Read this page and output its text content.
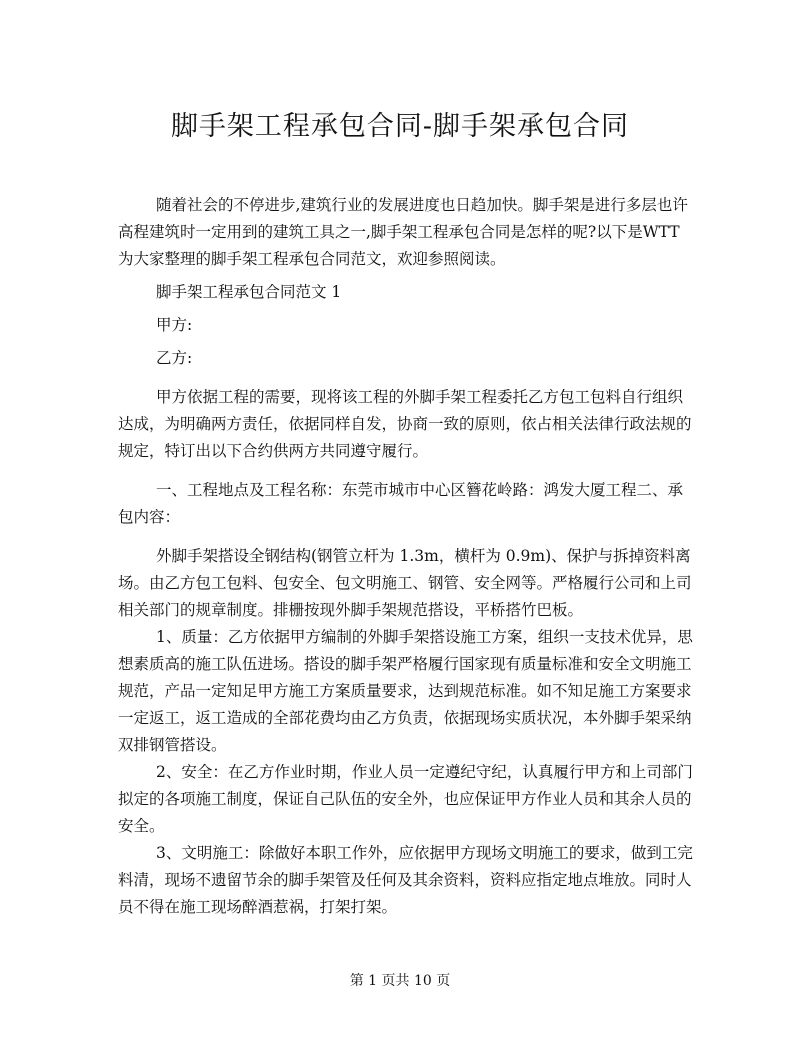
脚手架工程承包合同-脚手架承包合同

随着社会的不停进步,建筑行业的发展进度也日趋加快。脚手架是进行多层也许高程建筑时一定用到的建筑工具之一,脚手架工程承包合同是怎样的呢?以下是WTT 为大家整理的脚手架工程承包合同范文，欢迎参照阅读。

脚手架工程承包合同范文 1

甲方:

乙方:

甲方依据工程的需要，现将该工程的外脚手架工程委托乙方包工包料自行组织达成，为明确两方责任，依据同样自发，协商一致的原则，依占相关法律行政法规的规定，特订出以下合约供两方共同遵守履行。

一、工程地点及工程名称：东莞市城市中心区簪花岭路：鸿发大厦工程二、承包内容：

外脚手架搭设全钢结构(钢管立杆为 1.3m，横杆为 0.9m)、保护与拆掉资料离场。由乙方包工包料、包安全、包文明施工、钢管、安全网等。严格履行公司和上司相关部门的规章制度。排栅按现外脚手架规范搭设，平桥搭竹巴板。

1、质量：乙方依据甲方编制的外脚手架搭设施工方案，组织一支技术优异，思想素质高的施工队伍进场。搭设的脚手架严格履行国家现有质量标准和安全文明施工规范，产品一定知足甲方施工方案质量要求，达到规范标准。如不知足施工方案要求一定返工，返工造成的全部花费均由乙方负责，依据现场实质状况，本外脚手架采纳双排钢管搭设。

2、安全：在乙方作业时期，作业人员一定遵纪守纪，认真履行甲方和上司部门拟定的各项施工制度，保证自己队伍的安全外，也应保证甲方作业人员和其余人员的安全。

3、文明施工：除做好本职工作外，应依据甲方现场文明施工的要求，做到工完料清，现场不遗留节余的脚手架管及任何及其余资料，资料应指定地点堆放。同时人员不得在施工现场醉酒惹祸，打架打架。

第 1 页共 10 页
